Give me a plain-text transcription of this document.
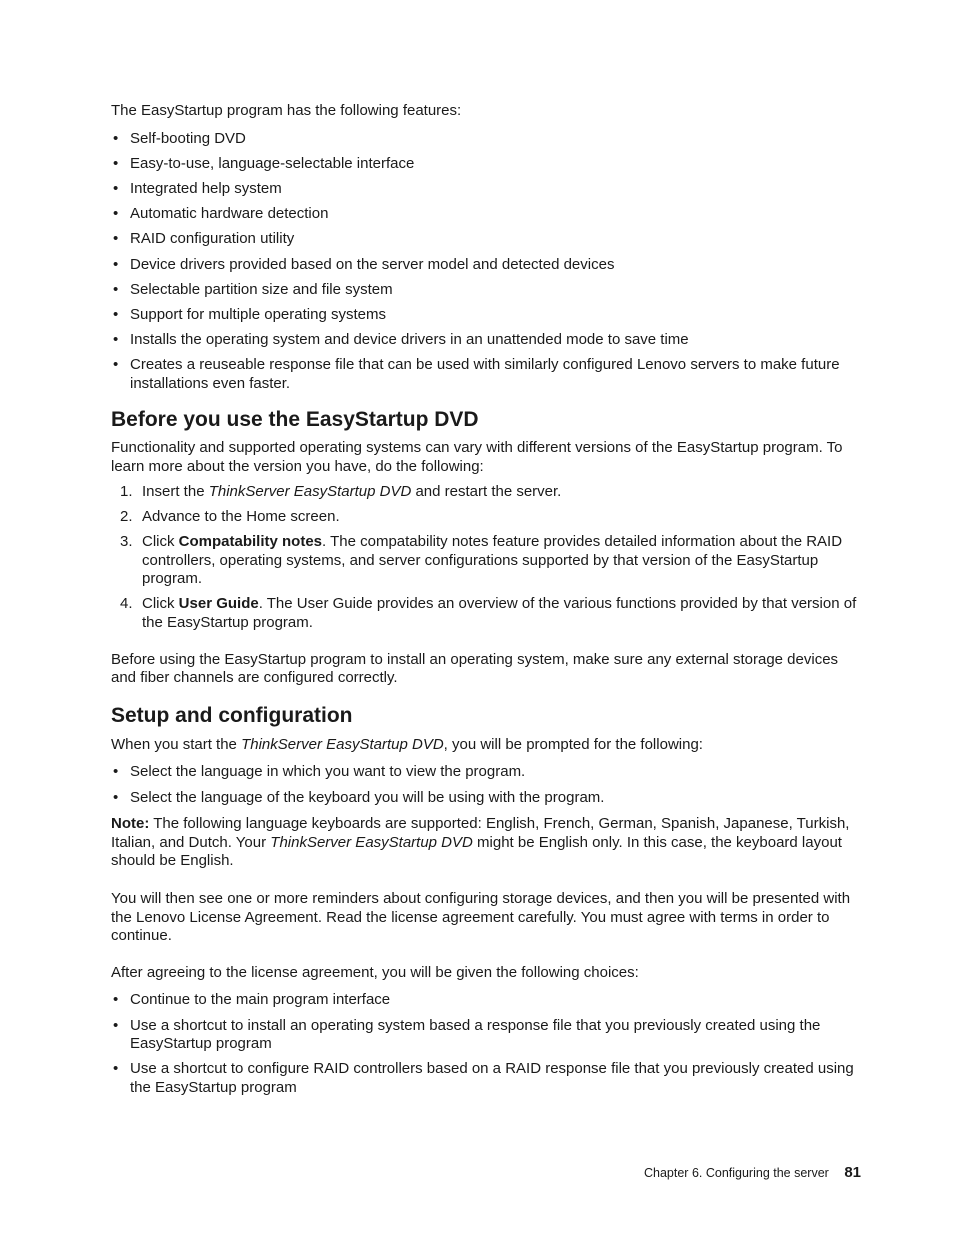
The EasyStartup program has the following features:

• Self-booting DVD
• Easy-to-use, language-selectable interface
• Integrated help system
• Automatic hardware detection
• RAID configuration utility
• Device drivers provided based on the server model and detected devices
• Selectable partition size and file system
• Support for multiple operating systems
• Installs the operating system and device drivers in an unattended mode to save time
• Creates a reuseable response file that can be used with similarly configured Lenovo servers to make future installations even faster.
Before you use the EasyStartup DVD

Functionality and supported operating systems can vary with different versions of the EasyStartup program. To learn more about the version you have, do the following:

1. Insert the ThinkServer EasyStartup DVD and restart the server.
2. Advance to the Home screen.
3. Click Compatability notes. The compatability notes feature provides detailed information about the RAID controllers, operating systems, and server configurations supported by that version of the EasyStartup program.
4. Click User Guide. The User Guide provides an overview of the various functions provided by that version of the EasyStartup program.

Before using the EasyStartup program to install an operating system, make sure any external storage devices and fiber channels are configured correctly.

Setup and configuration

When you start the ThinkServer EasyStartup DVD, you will be prompted for the following:

• Select the language in which you want to view the program.
• Select the language of the keyboard you will be using with the program.

Note: The following language keyboards are supported: English, French, German, Spanish, Japanese, Turkish, Italian, and Dutch. Your ThinkServer EasyStartup DVD might be English only. In this case, the keyboard layout should be English.

You will then see one or more reminders about configuring storage devices, and then you will be presented with the Lenovo License Agreement. Read the license agreement carefully. You must agree with terms in order to continue.

After agreeing to the license agreement, you will be given the following choices:

• Continue to the main program interface
• Use a shortcut to install an operating system based a response file that you previously created using the EasyStartup program
• Use a shortcut to configure RAID controllers based on a RAID response file that you previously created using the EasyStartup program
Chapter 6. Configuring the server 81
